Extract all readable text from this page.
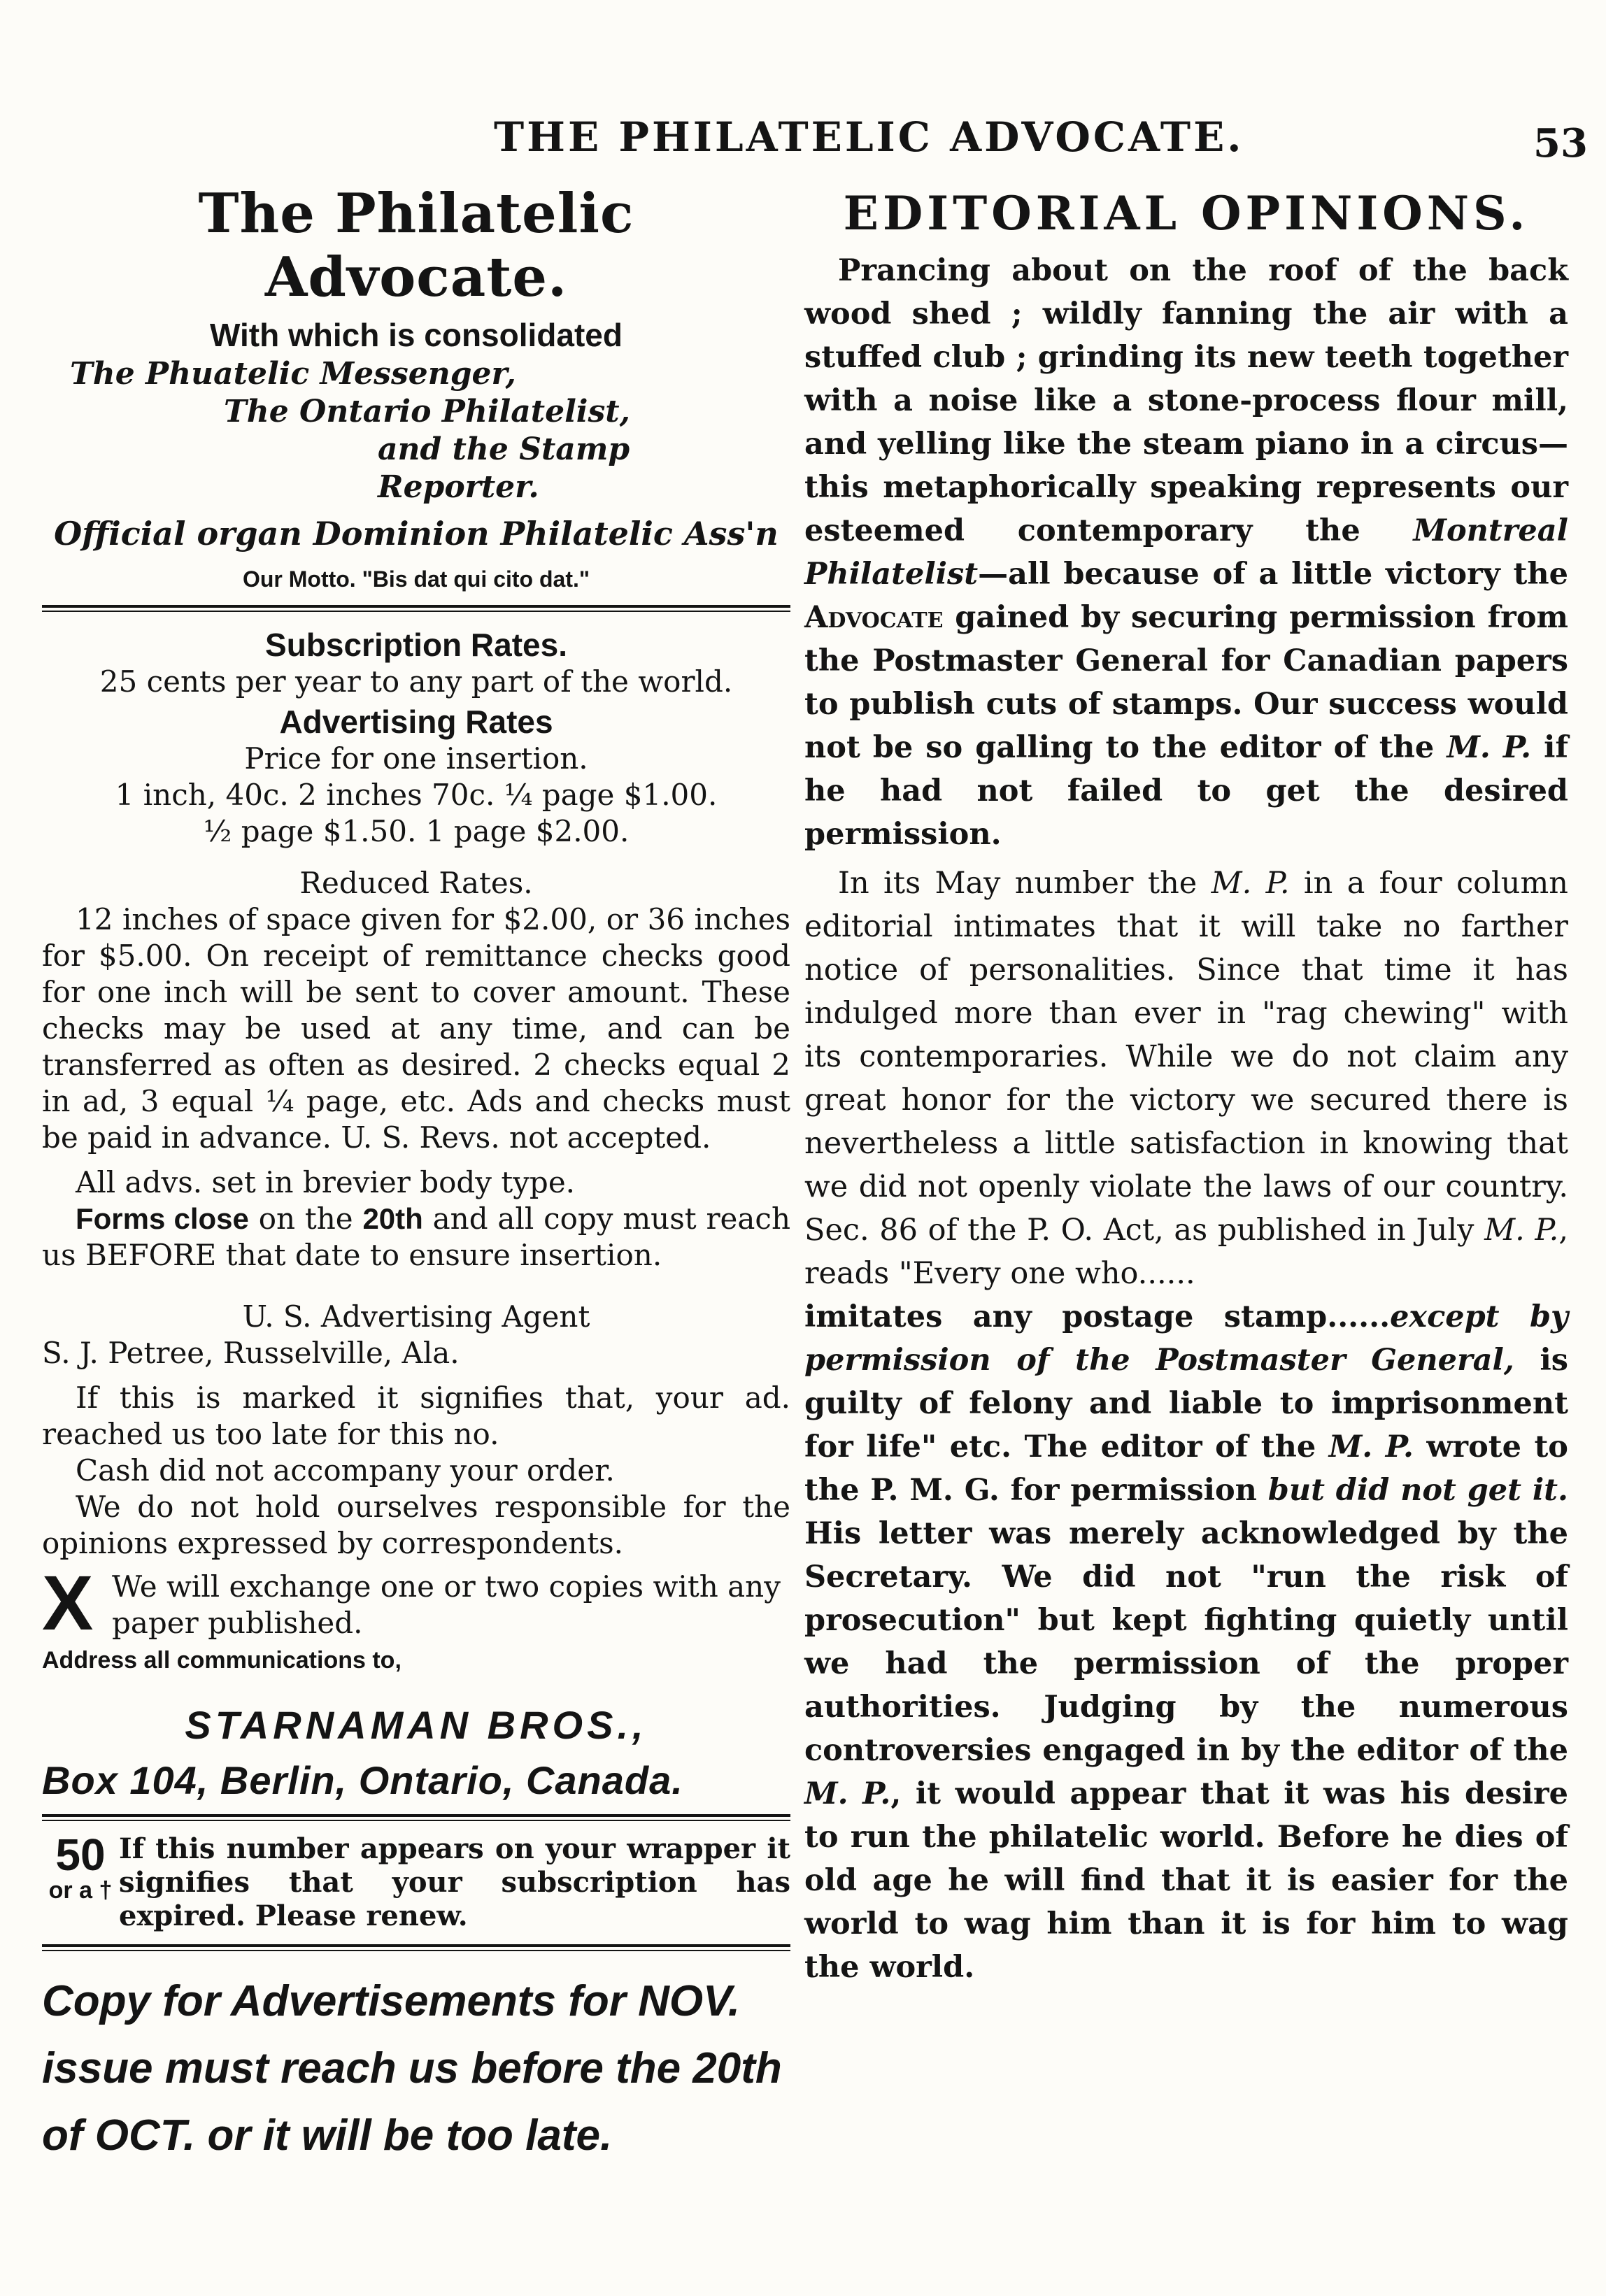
THE PHILATELIC ADVOCATE.	53
The Philatelic Advocate.

With which is consolidated

The Phuatelic Messenger,

The Ontario Philatelist,

and the Stamp Reporter.

Official organ Dominion Philatelic Ass'n

Our Motto. "Bis dat qui cito dat."

Subscription Rates.

25 cents per year to any part of the world.

Advertising Rates

Price for one insertion.

1 inch, 40c. 2 inches 70c. ¼ page $1.00.

½ page $1.50. 1 page $2.00.

Reduced Rates.

12 inches of space given for $2.00, or 36 inches for $5.00. On receipt of remittance checks good for one inch will be sent to cover amount. These checks may be used at any time, and can be transferred as often as desired. 2 checks equal 2 in ad, 3 equal ¼ page, etc. Ads and checks must be paid in advance. U. S. Revs. not accepted.

All advs. set in brevier body type.

Forms close on the 20th and all copy must reach us BEFORE that date to ensure insertion.

U. S. Advertising Agent

S. J. Petree, Russelville, Ala.

If this is marked it signifies that, your ad. reached us too late for this no.

Cash did not accompany your order.

We do not hold ourselves responsible for the opinions expressed by correspondents.

X We will exchange one or two copies with any paper published.

Address all communications to,

STARNAMAN BROS.,

Box 104, Berlin, Ontario, Canada.

50
or a †
If this number appears on your wrapper it signifies that your subscription has expired. Please renew.

Copy for Advertisements for NOV. issue must reach us before the 20th of OCT. or it will be too late.

EDITORIAL OPINIONS.

Prancing about on the roof of the back wood shed ; wildly fanning the air with a stuffed club ; grinding its new teeth together with a noise like a stone-process flour mill, and yelling like the steam piano in a circus—this metaphorically speaking represents our esteemed contemporary the Montreal Philatelist—all because of a little victory the Advocate gained by securing permission from the Postmaster General for Canadian papers to publish cuts of stamps. Our success would not be so galling to the editor of the M. P. if he had not failed to get the desired permission.

In its May number the M. P. in a four column editorial intimates that it will take no farther notice of personalities. Since that time it has indulged more than ever in "rag chewing" with its contemporaries. While we do not claim any great honor for the victory we secured there is nevertheless a little satisfaction in knowing that we did not openly violate the laws of our country. Sec. 86 of the P. O. Act, as published in July M. P., reads "Every one who......

imitates any postage stamp......except by permission of the Postmaster General, is guilty of felony and liable to imprisonment for life" etc. The editor of the M. P. wrote to the P. M. G. for permission but did not get it. His letter was merely acknowledged by the Secretary. We did not "run the risk of prosecution" but kept fighting quietly until we had the permission of the proper authorities. Judging by the numerous controversies engaged in by the editor of the M. P., it would appear that it was his desire to run the philatelic world. Before he dies of old age he will find that it is easier for the world to wag him than it is for him to wag the world.
